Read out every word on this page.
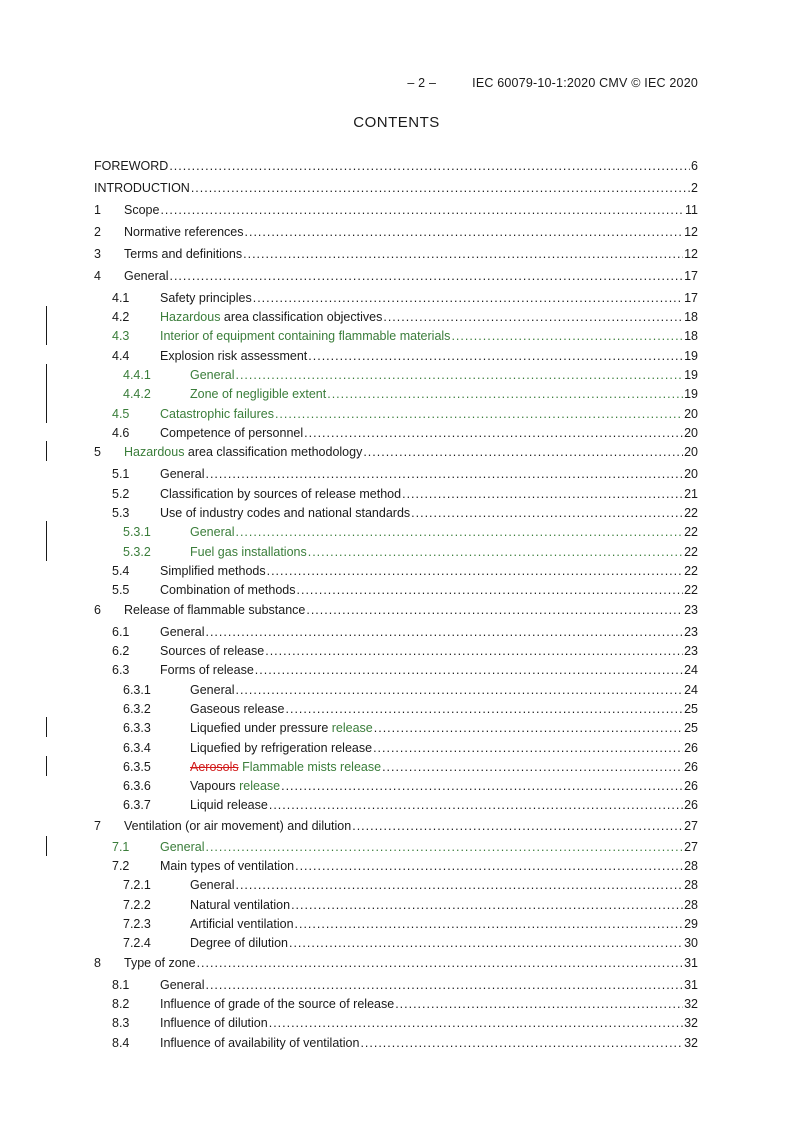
– 2 –	IEC 60079-10-1:2020 CMV © IEC 2020
CONTENTS
FOREWORD .....	6
INTRODUCTION .....	2
1 Scope .....	11
2 Normative references .....	12
3 Terms and definitions .....	12
4 General .....	17
4.1 Safety principles .....	17
4.2 Hazardous area classification objectives .....	18
4.3 Interior of equipment containing flammable materials .....	18
4.4 Explosion risk assessment .....	19
4.4.1	General .....	19
4.4.2	Zone of negligible extent .....	19
4.5 Catastrophic failures .....	20
4.6 Competence of personnel .....	20
5 Hazardous area classification methodology .....	20
5.1 General .....	20
5.2 Classification by sources of release method .....	21
5.3 Use of industry codes and national standards .....	22
5.3.1	General .....	22
5.3.2	Fuel gas installations .....	22
5.4 Simplified methods .....	22
5.5 Combination of methods .....	22
6 Release of flammable substance .....	23
6.1 General .....	23
6.2 Sources of release .....	23
6.3 Forms of release .....	24
6.3.1	General .....	24
6.3.2	Gaseous release .....	25
6.3.3	Liquefied under pressure release .....	25
6.3.4	Liquefied by refrigeration release .....	26
6.3.5	Aerosols Flammable mists release .....	26
6.3.6	Vapours release .....	26
6.3.7	Liquid release .....	26
7 Ventilation (or air movement) and dilution .....	27
7.1 General .....	27
7.2 Main types of ventilation .....	28
7.2.1	General .....	28
7.2.2	Natural ventilation .....	28
7.2.3	Artificial ventilation .....	29
7.2.4	Degree of dilution .....	30
8 Type of zone .....	31
8.1 General .....	31
8.2 Influence of grade of the source of release .....	32
8.3 Influence of dilution .....	32
8.4 Influence of availability of ventilation .....	32
